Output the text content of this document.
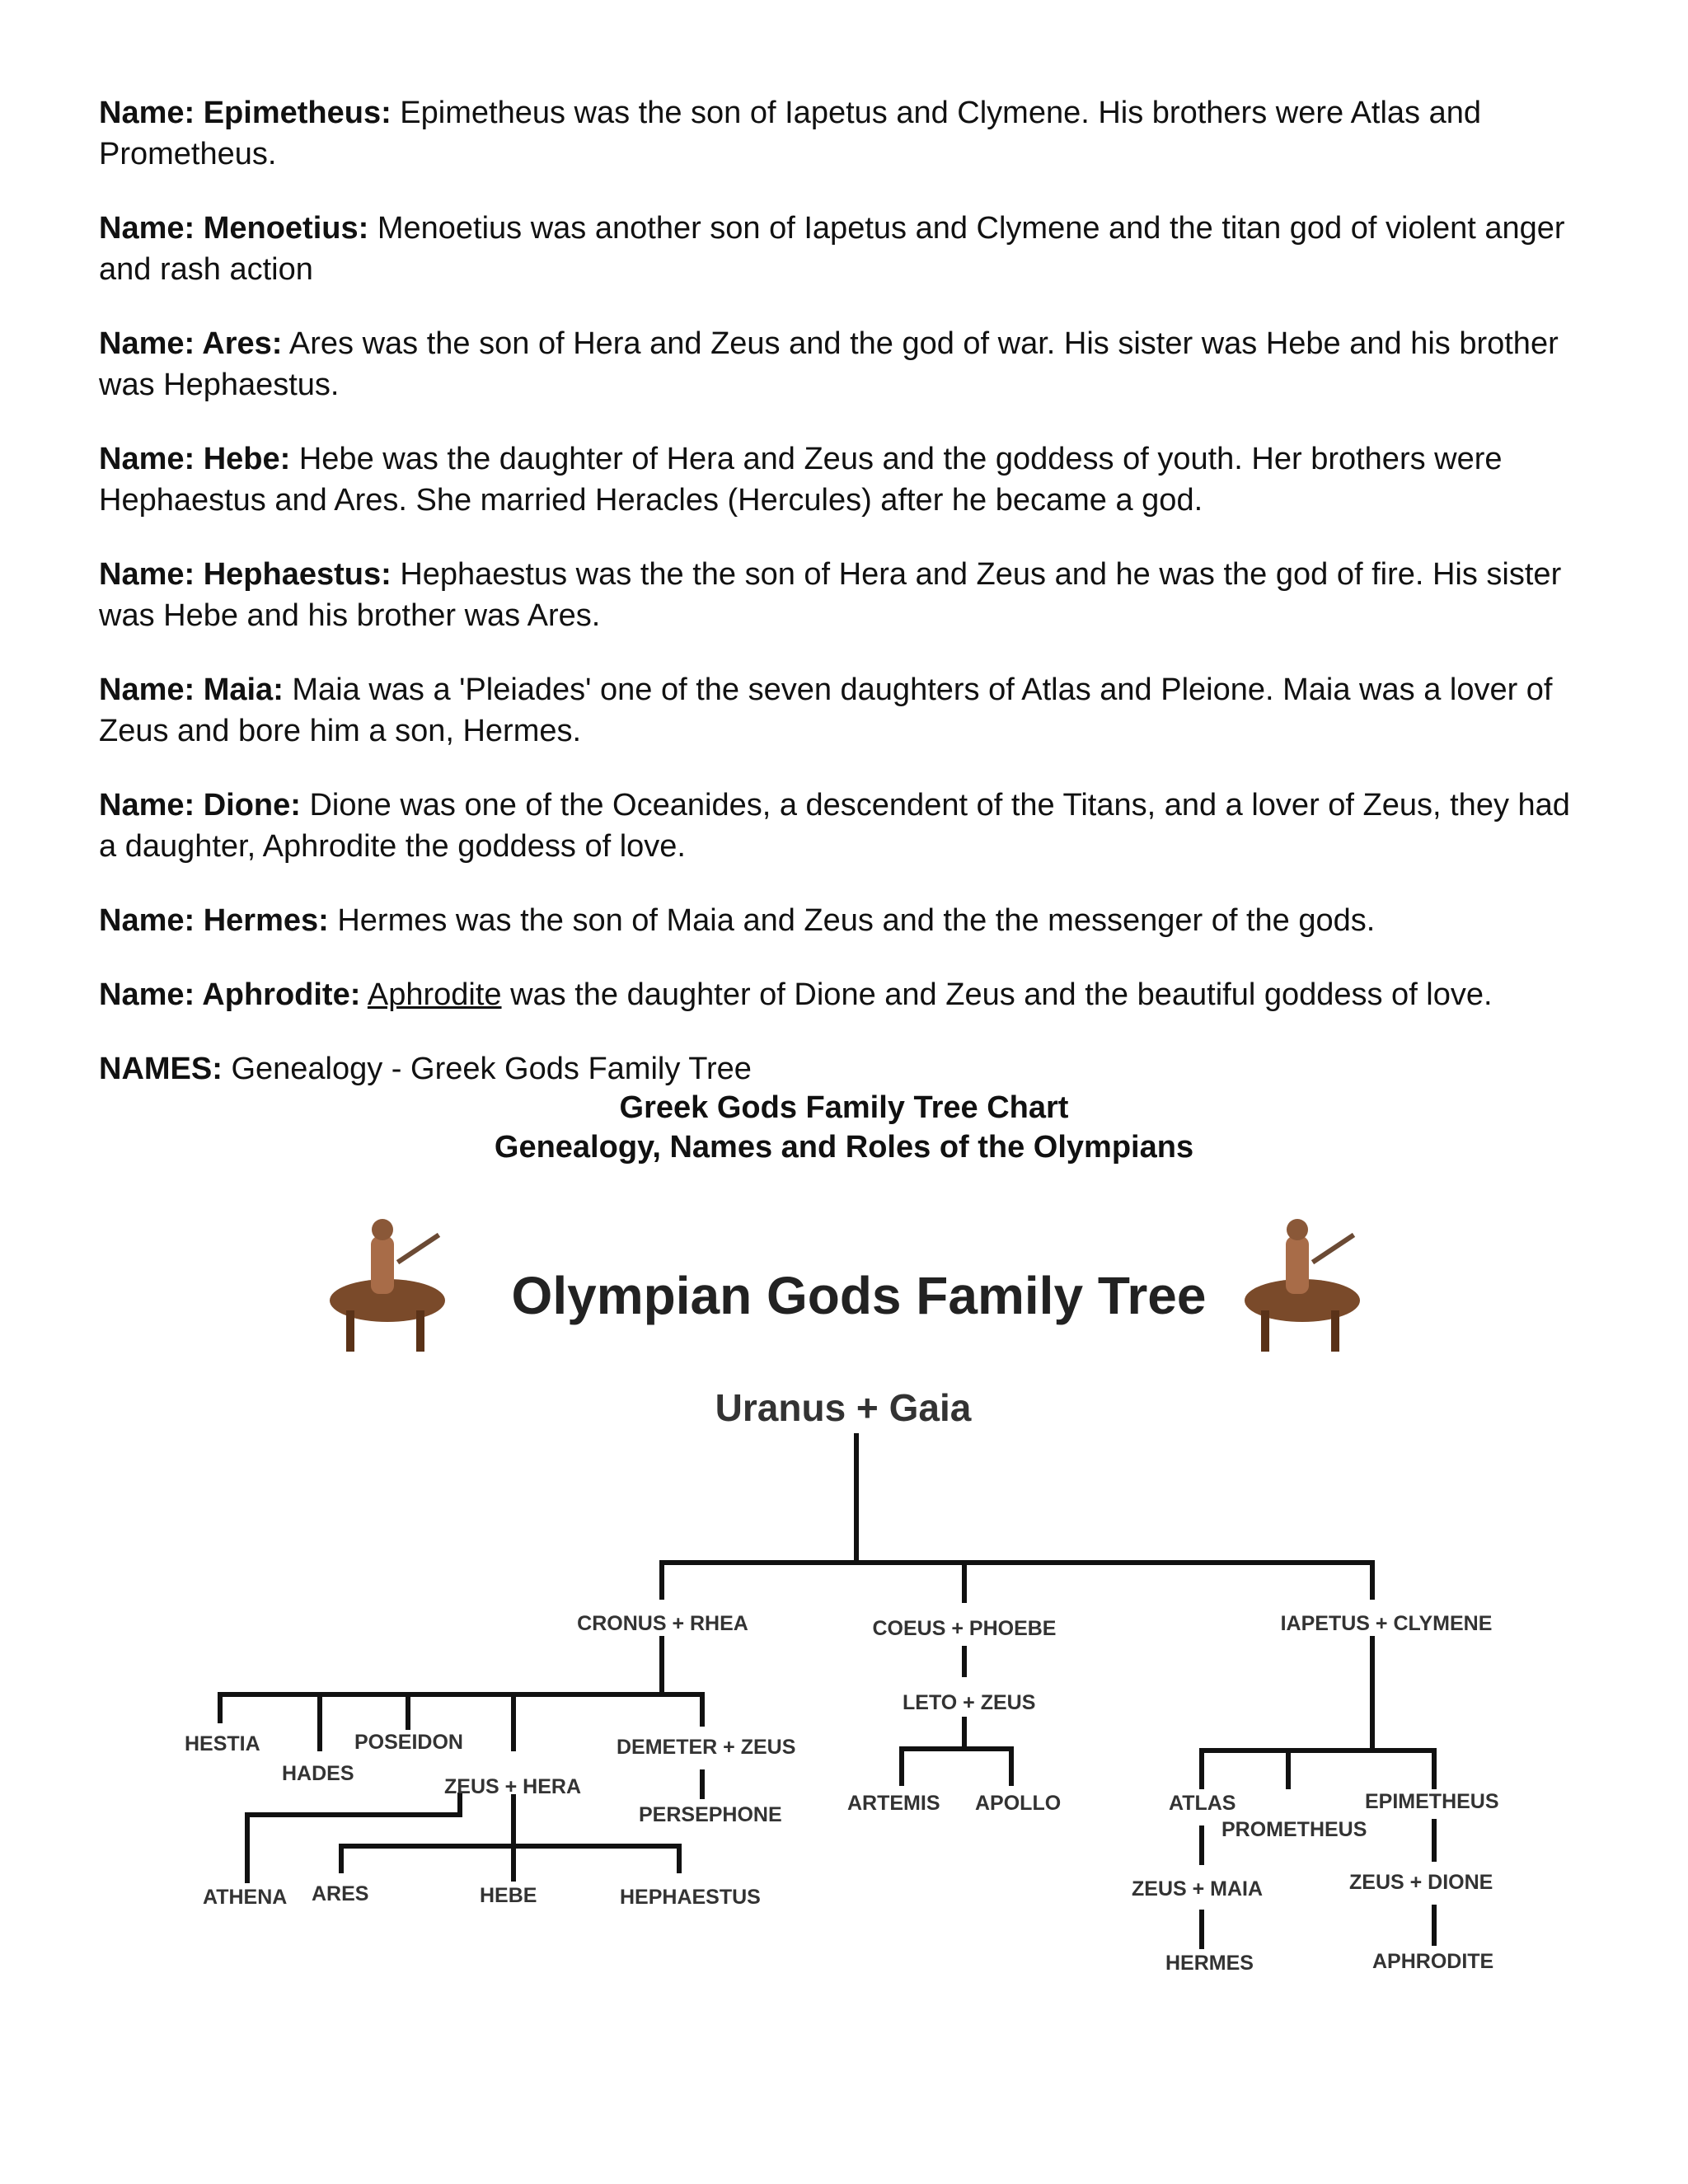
Name: Epimetheus: Epimetheus was the son of Iapetus and Clymene. His brothers were Atlas and Prometheus.

Name: Menoetius: Menoetius was another son of Iapetus and Clymene and the titan god of violent anger and rash action

Name: Ares: Ares was the son of Hera and Zeus and the god of war. His sister was Hebe and his brother was Hephaestus.

Name: Hebe: Hebe was the daughter of Hera and Zeus and the goddess of youth. Her brothers were Hephaestus and Ares. She married Heracles (Hercules) after he became a god.

Name: Hephaestus: Hephaestus was the the son of Hera and Zeus and he was the god of fire. His sister was Hebe and his brother was Ares.

Name: Maia: Maia was a 'Pleiades' one of the seven daughters of Atlas and Pleione. Maia was a lover of Zeus and bore him a son, Hermes.

Name: Dione: Dione was one of the Oceanides, a descendent of the Titans, and a lover of Zeus, they had a daughter, Aphrodite the goddess of love.

Name: Hermes: Hermes was the son of Maia and Zeus and the the messenger of the gods.

Name: Aphrodite: Aphrodite was the daughter of Dione and Zeus and the beautiful goddess of love.

NAMES: Genealogy - Greek Gods Family Tree
Greek Gods Family Tree Chart
Genealogy, Names and Roles of the Olympians
Olympian Gods Family Tree
Uranus + Gaia
CRONUS + RHEA	COEUS + PHOEBE	IAPETUS + CLYMENE
HESTIA
HADES
POSEIDON
ZEUS + HERA
DEMETER + ZEUS
PERSEPHONE
ATHENA ARES	HEBE	HEPHAESTUS
LETO + ZEUS
ARTEMIS APOLLO	ATLAS
PROMETHEUS
EPIMETHEUS
ZEUS + MAIA	ZEUS + DIONE
HERMES	APHRODITE
